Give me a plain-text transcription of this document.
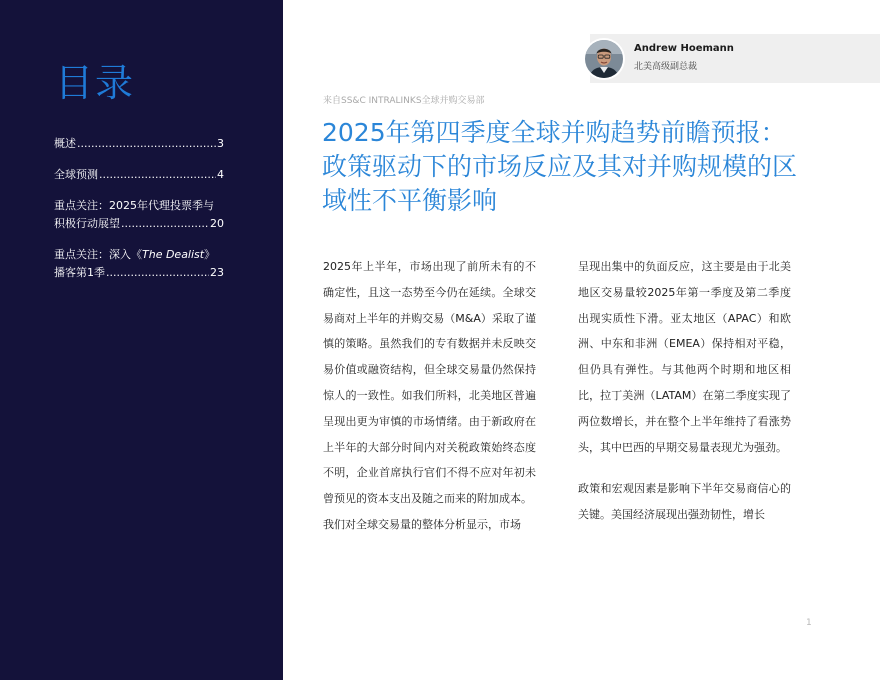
目录
概述 .....	3
全球预测 .....	4
重点关注：2025年代理投票季与
积极行动展望 .....	20
重点关注：深入《The Dealist》
播客第1季 .....	23
Andrew Hoemann
北美高级副总裁
来自SS&C INTRALINKS全球并购交易部
2025年第四季度全球并购趋势前瞻预报：政策驱动下的市场反应及其对并购规模的区域性不平衡影响

2025年上半年，市场出现了前所未有的不确定性，且这一态势至今仍在延续。全球交易商对上半年的并购交易（M&A）采取了谨慎的策略。虽然我们的专有数据并未反映交易价值或融资结构，但全球交易量仍然保持惊人的一致性。如我们所料，北美地区普遍呈现出更为审慎的市场情绪。由于新政府在上半年的大部分时间内对关税政策始终态度不明，企业首席执行官们不得不应对年初未曾预见的资本支出及随之而来的附加成本。

我们对全球交易量的整体分析显示，市场

呈现出集中的负面反应，这主要是由于北美地区交易量较2025年第一季度及第二季度出现实质性下滑。亚太地区（APAC）和欧洲、中东和非洲（EMEA）保持相对平稳，但仍具有弹性。与其他两个时期和地区相比，拉丁美洲（LATAM）在第二季度实现了两位数增长，并在整个上半年维持了看涨势头，其中巴西的早期交易量表现尤为强劲。

政策和宏观因素是影响下半年交易商信心的关键。美国经济展现出强劲韧性，增长

1
